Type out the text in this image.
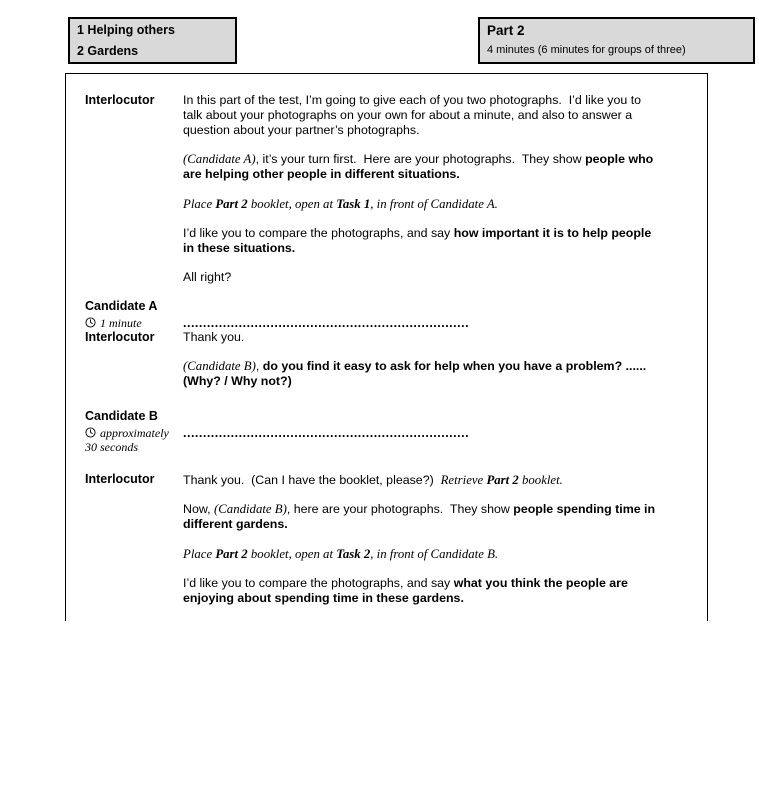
1 Helping others
2 Gardens
Part 2
4 minutes (6 minutes for groups of three)
Interlocutor	In this part of the test, I’m going to give each of you two photographs.  I’d like you to
talk about your photographs on your own for about a minute, and also to answer a
question about your partner’s photographs.

(Candidate A), it’s your turn first.  Here are your photographs.  They show people who
are helping other people in different situations.

Place Part 2 booklet, open at Task 1, in front of Candidate A.

I’d like you to compare the photographs, and say how important it is to help people
in these situations.

All right?

Candidate A
1 minute	........................................................................
Interlocutor	Thank you.

(Candidate B), do you find it easy to ask for help when you have a problem? ......
(Why? / Why not?)

Candidate B
approximately
30 seconds
........................................................................
Interlocutor	Thank you.  (Can I have the booklet, please?)  Retrieve Part 2 booklet.

Now, (Candidate B), here are your photographs.  They show people spending time in
different gardens.

Place Part 2 booklet, open at Task 2, in front of Candidate B.

I’d like you to compare the photographs, and say what you think the people are
enjoying about spending time in these gardens.
